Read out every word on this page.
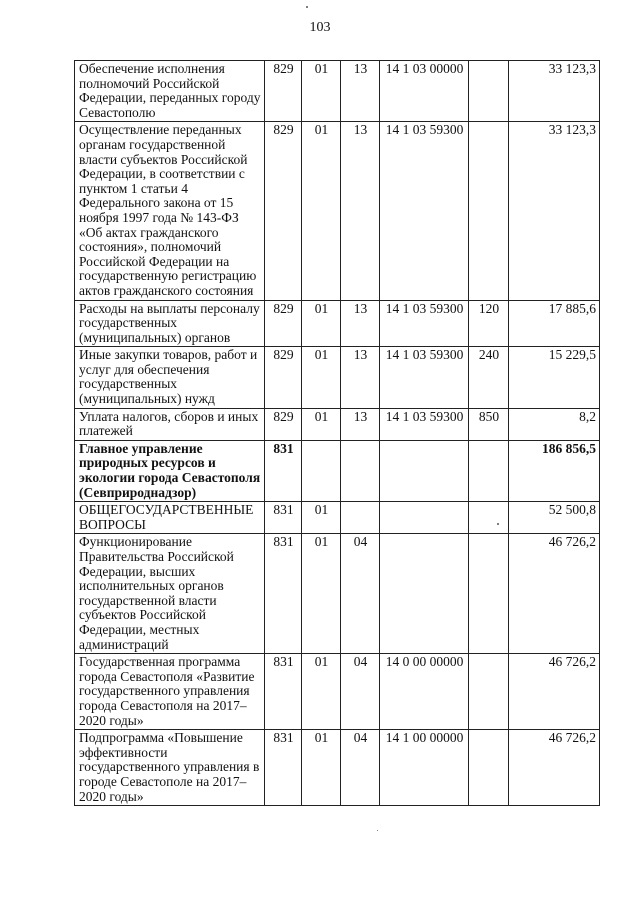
103
Обеспечение исполнения полномочий Российской Федерации, переданных городу Севастополю	829	01	13	14 1 03 00000		33 123,3
Осуществление переданных органам государственной власти субъектов Российской Федерации, в соответствии с пунктом 1 статьи 4 Федерального закона от 15 ноября 1997 года № 143-ФЗ «Об актах гражданского состояния», полномочий Российской Федерации на государственную регистрацию актов гражданского состояния	829	01	13	14 1 03 59300		33 123,3
Расходы на выплаты персоналу государственных (муниципальных) органов	829	01	13	14 1 03 59300	120	17 885,6
Иные закупки товаров, работ и услуг для обеспечения государственных (муниципальных) нужд	829	01	13	14 1 03 59300	240	15 229,5
Уплата налогов, сборов и иных платежей	829	01	13	14 1 03 59300	850	8,2
Главное управление природных ресурсов и экологии города Севастополя (Севприроднадзор)	831					186 856,5
ОБЩЕГОСУДАРСТВЕННЫЕ ВОПРОСЫ	831	01				52 500,8
Функционирование Правительства Российской Федерации, высших исполнительных органов государственной власти субъектов Российской Федерации, местных администраций	831	01	04			46 726,2
Государственная программа города Севастополя «Развитие государственного управления города Севастополя на 2017–2020 годы»	831	01	04	14 0 00 00000		46 726,2
Подпрограмма «Повышение эффективности государственного управления в городе Севастополе на 2017–2020 годы»	831	01	04	14 1 00 00000		46 726,2
